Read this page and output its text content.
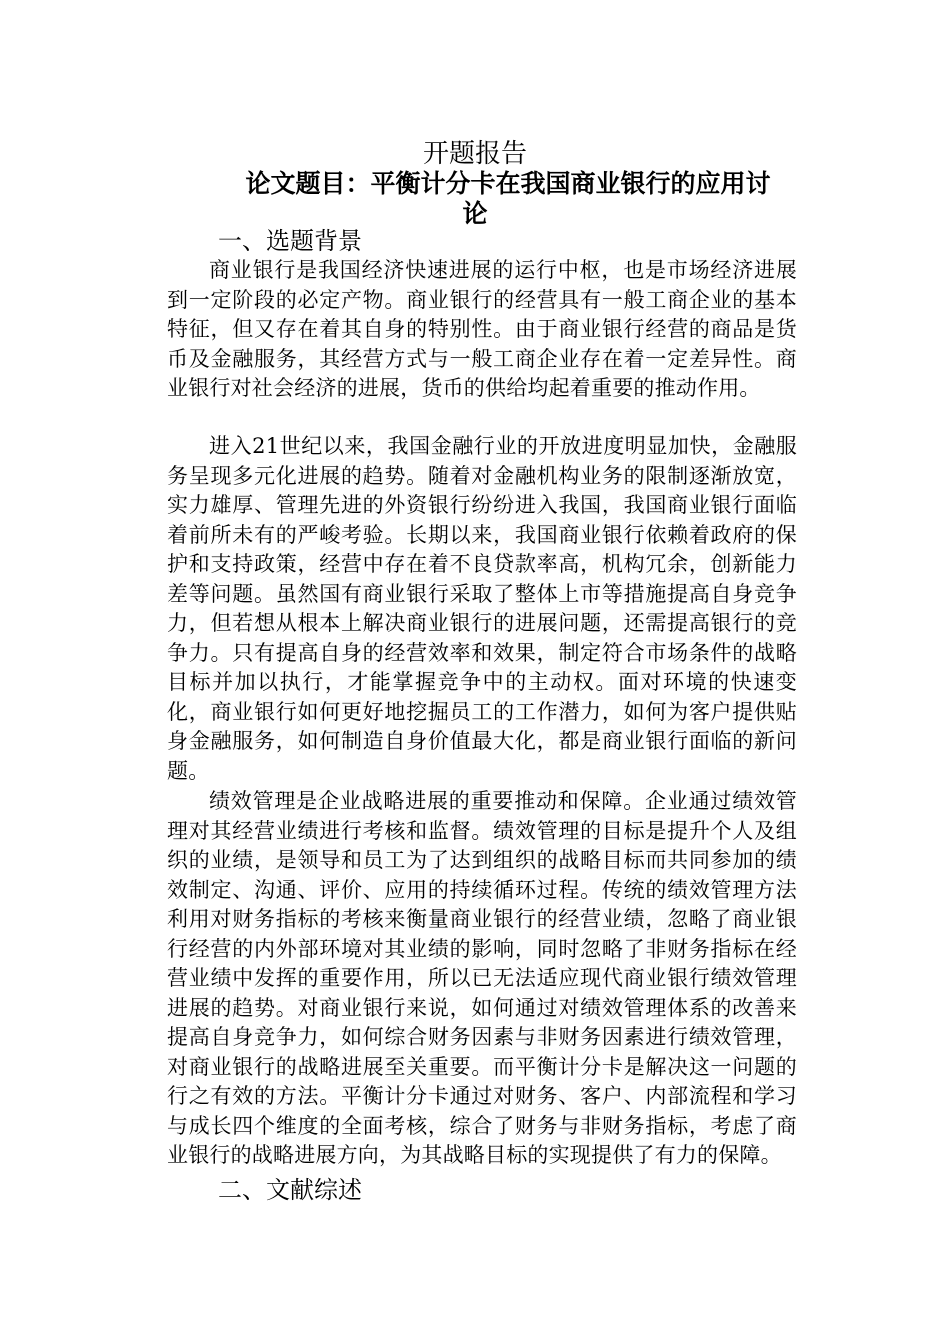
开题报告
论文题目：平衡计分卡在我国商业银行的应用讨
论
一、选题背景

商业银行是我国经济快速进展的运行中枢，也是市场经济进展到一定阶段的必定产物。商业银行的经营具有一般工商企业的基本特征，但又存在着其自身的特别性。由于商业银行经营的商品是货币及金融服务，其经营方式与一般工商企业存在着一定差异性。商业银行对社会经济的进展，货币的供给均起着重要的推动作用。

进入21世纪以来，我国金融行业的开放进度明显加快，金融服务呈现多元化进展的趋势。随着对金融机构业务的限制逐渐放宽，实力雄厚、管理先进的外资银行纷纷进入我国，我国商业银行面临着前所未有的严峻考验。长期以来，我国商业银行依赖着政府的保护和支持政策，经营中存在着不良贷款率高，机构冗余，创新能力差等问题。虽然国有商业银行采取了整体上市等措施提高自身竞争力，但若想从根本上解决商业银行的进展问题，还需提高银行的竞争力。只有提高自身的经营效率和效果，制定符合市场条件的战略目标并加以执行，才能掌握竞争中的主动权。面对环境的快速变化，商业银行如何更好地挖掘员工的工作潜力，如何为客户提供贴身金融服务，如何制造自身价值最大化，都是商业银行面临的新问题。

绩效管理是企业战略进展的重要推动和保障。企业通过绩效管理对其经营业绩进行考核和监督。绩效管理的目标是提升个人及组织的业绩，是领导和员工为了达到组织的战略目标而共同参加的绩效制定、沟通、评价、应用的持续循环过程。传统的绩效管理方法利用对财务指标的考核来衡量商业银行的经营业绩，忽略了商业银行经营的内外部环境对其业绩的影响，同时忽略了非财务指标在经营业绩中发挥的重要作用，所以已无法适应现代商业银行绩效管理进展的趋势。对商业银行来说，如何通过对绩效管理体系的改善来提高自身竞争力，如何综合财务因素与非财务因素进行绩效管理，对商业银行的战略进展至关重要。而平衡计分卡是解决这一问题的行之有效的方法。平衡计分卡通过对财务、客户、内部流程和学习与成长四个维度的全面考核，综合了财务与非财务指标，考虑了商业银行的战略进展方向，为其战略目标的实现提供了有力的保障。

二、文献综述
